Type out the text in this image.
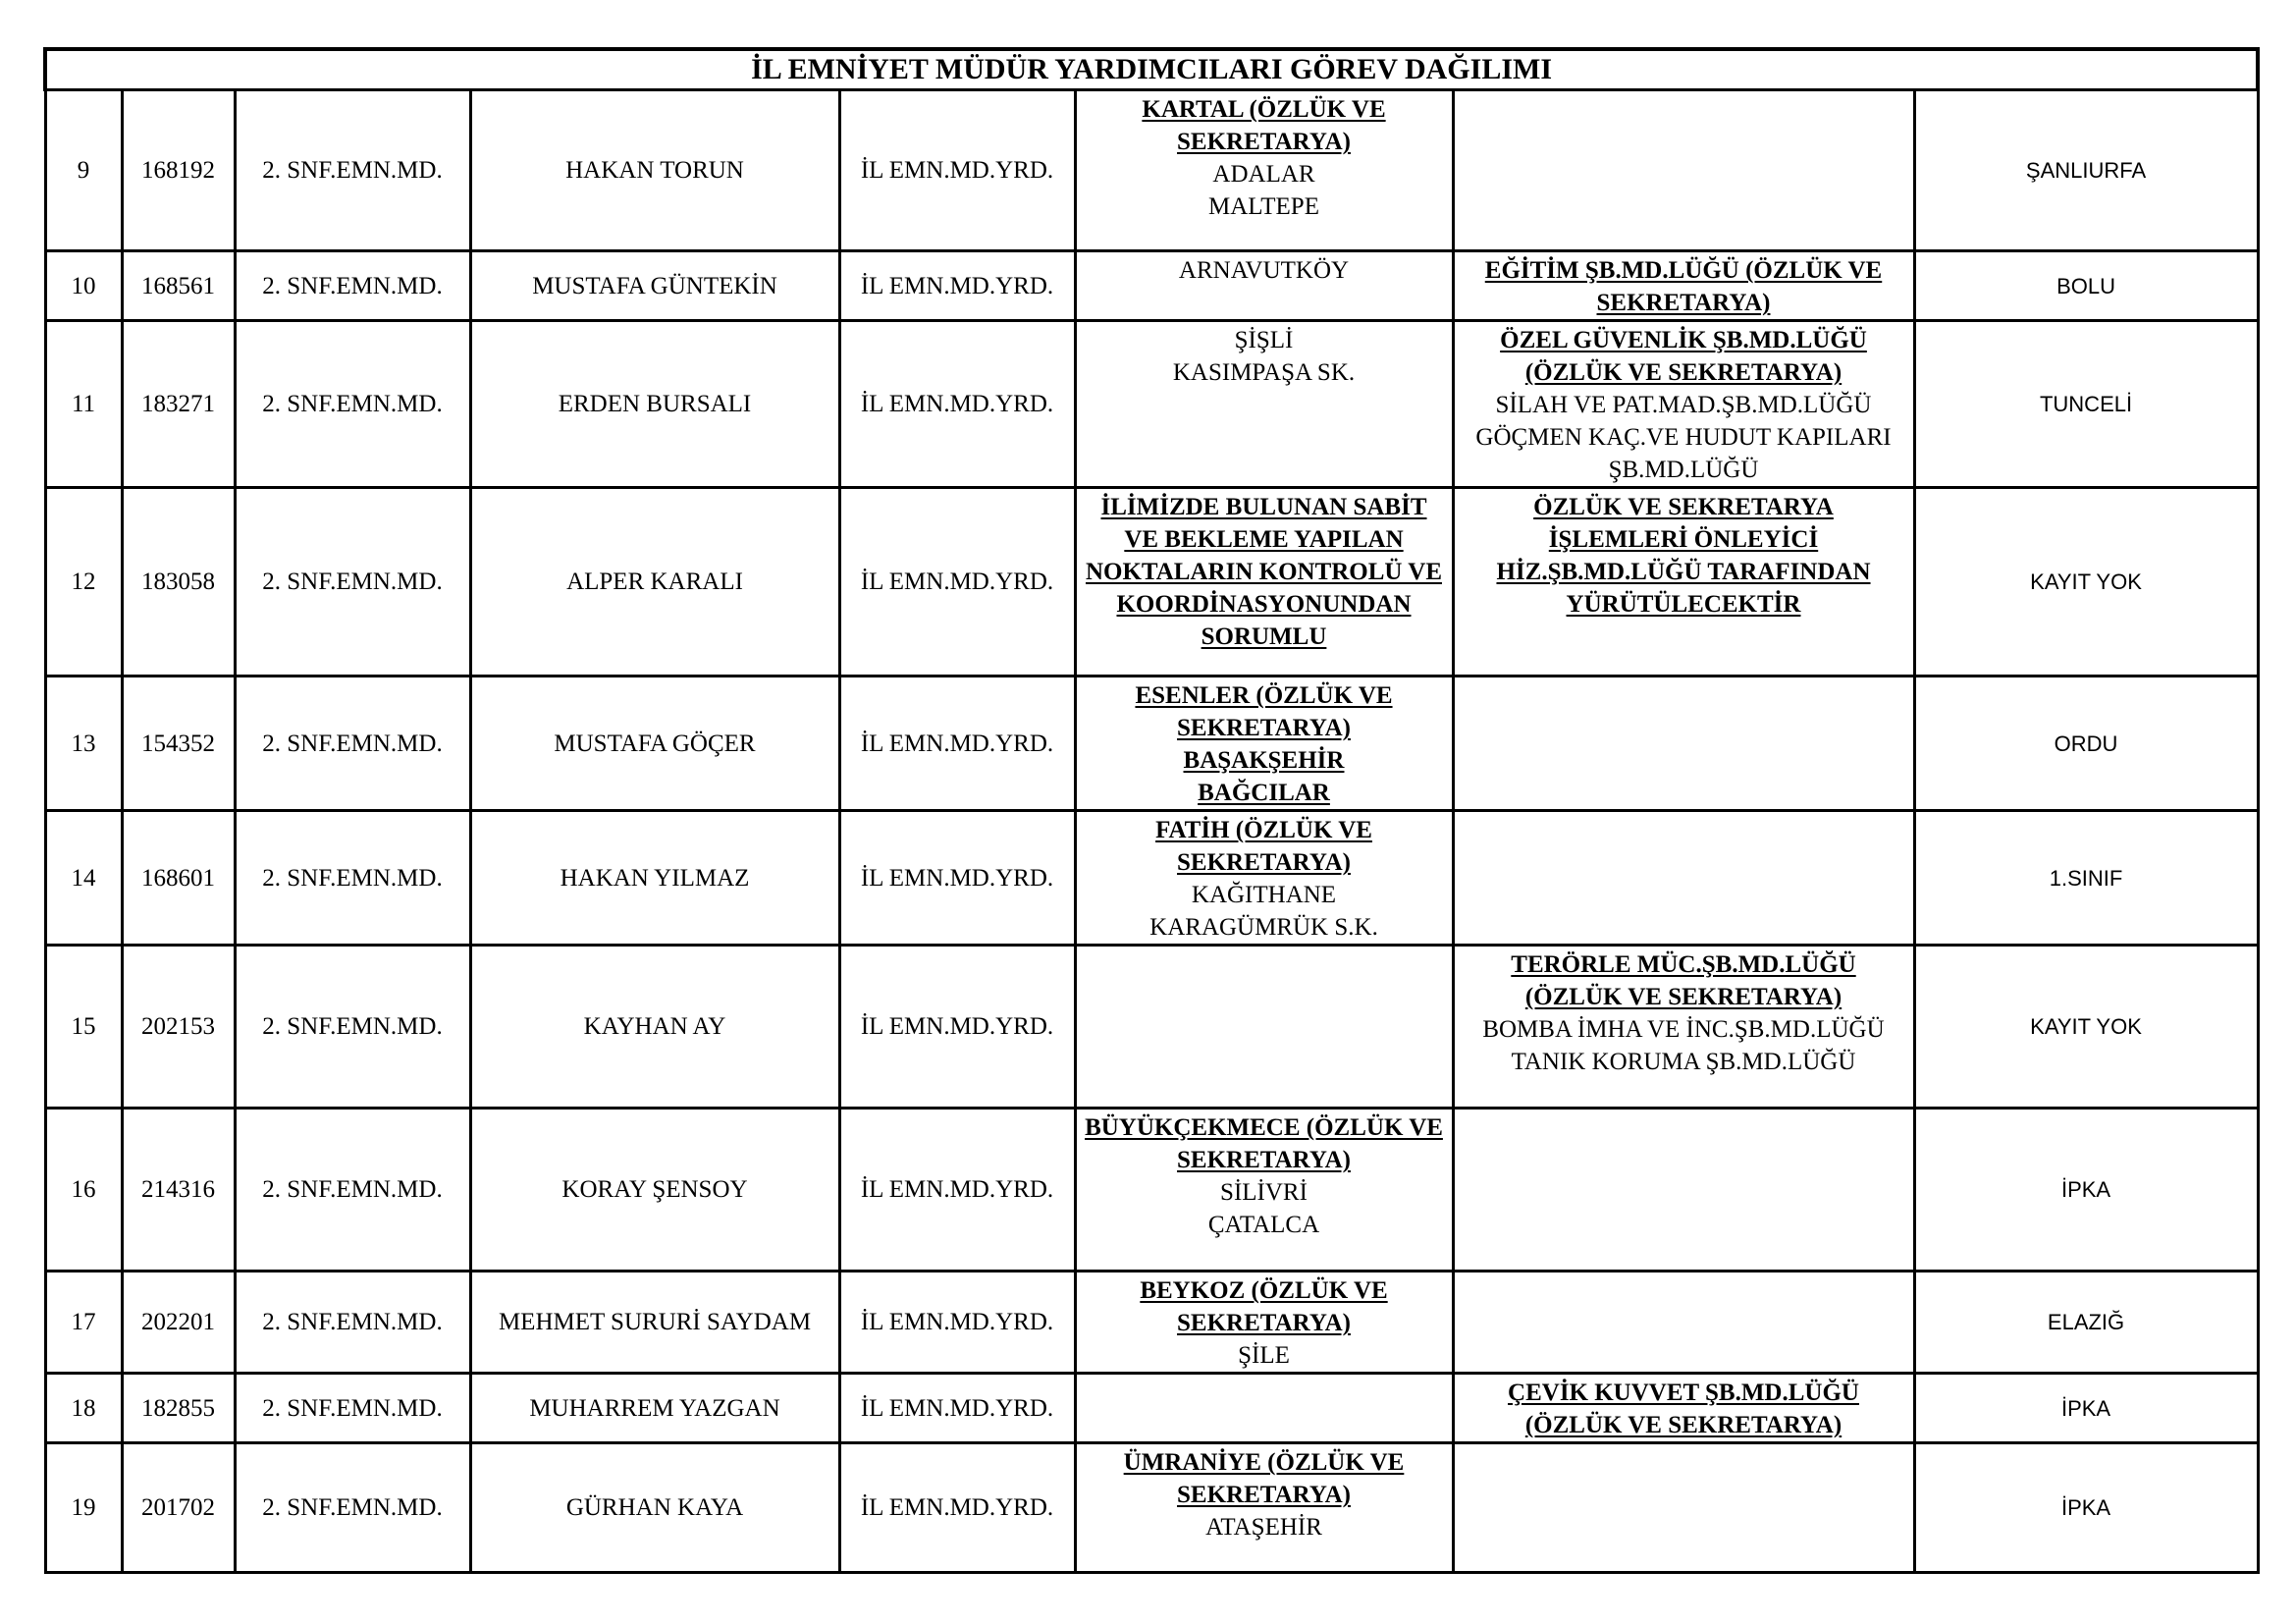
İL EMNİYET MÜDÜR YARDIMCILARI GÖREV DAĞILIMI							
9	168192	2. SNF.EMN.MD.	HAKAN TORUN	İL EMN.MD.YRD.	KARTAL (ÖZLÜK VE
SEKRETARYA)
ADALAR
MALTEPE		ŞANLIURFA
10	168561	2. SNF.EMN.MD.	MUSTAFA GÜNTEKİN	İL EMN.MD.YRD.	ARNAVUTKÖY	EĞİTİM ŞB.MD.LÜĞÜ (ÖZLÜK VE
SEKRETARYA)	BOLU
11	183271	2. SNF.EMN.MD.	ERDEN BURSALI	İL EMN.MD.YRD.	ŞİŞLİ
KASIMPAŞA SK.	ÖZEL GÜVENLİK ŞB.MD.LÜĞÜ
(ÖZLÜK VE SEKRETARYA)
SİLAH VE PAT.MAD.ŞB.MD.LÜĞÜ
GÖÇMEN KAÇ.VE HUDUT KAPILARI
ŞB.MD.LÜĞÜ	TUNCELİ
12	183058	2. SNF.EMN.MD.	ALPER KARALI	İL EMN.MD.YRD.	İLİMİZDE BULUNAN SABİT
VE BEKLEME YAPILAN
NOKTALARIN KONTROLÜ VE
KOORDİNASYONUNDAN
SORUMLU	ÖZLÜK VE SEKRETARYA
İŞLEMLERİ ÖNLEYİCİ
HİZ.ŞB.MD.LÜĞÜ TARAFINDAN
YÜRÜTÜLECEKTİR	KAYIT YOK
13	154352	2. SNF.EMN.MD.	MUSTAFA GÖÇER	İL EMN.MD.YRD.	ESENLER (ÖZLÜK VE
SEKRETARYA)
BAŞAKŞEHİR
BAĞCILAR		ORDU
14	168601	2. SNF.EMN.MD.	HAKAN YILMAZ	İL EMN.MD.YRD.	FATİH (ÖZLÜK VE
SEKRETARYA)
KAĞITHANE
KARAGÜMRÜK S.K.		1.SINIF
15	202153	2. SNF.EMN.MD.	KAYHAN AY	İL EMN.MD.YRD.		TERÖRLE MÜC.ŞB.MD.LÜĞÜ
(ÖZLÜK VE SEKRETARYA)
BOMBA İMHA VE İNC.ŞB.MD.LÜĞÜ
TANIK KORUMA ŞB.MD.LÜĞÜ	KAYIT YOK
16	214316	2. SNF.EMN.MD.	KORAY ŞENSOY	İL EMN.MD.YRD.	BÜYÜKÇEKMECE (ÖZLÜK VE
SEKRETARYA)
SİLİVRİ
ÇATALCA		İPKA
17	202201	2. SNF.EMN.MD.	MEHMET SURURİ SAYDAM	İL EMN.MD.YRD.	BEYKOZ (ÖZLÜK VE
SEKRETARYA)
ŞİLE		ELAZIĞ
18	182855	2. SNF.EMN.MD.	MUHARREM YAZGAN	İL EMN.MD.YRD.		ÇEVİK KUVVET ŞB.MD.LÜĞÜ
(ÖZLÜK VE SEKRETARYA)	İPKA
19	201702	2. SNF.EMN.MD.	GÜRHAN KAYA	İL EMN.MD.YRD.	ÜMRANİYE (ÖZLÜK VE
SEKRETARYA)
ATAŞEHİR		İPKA
